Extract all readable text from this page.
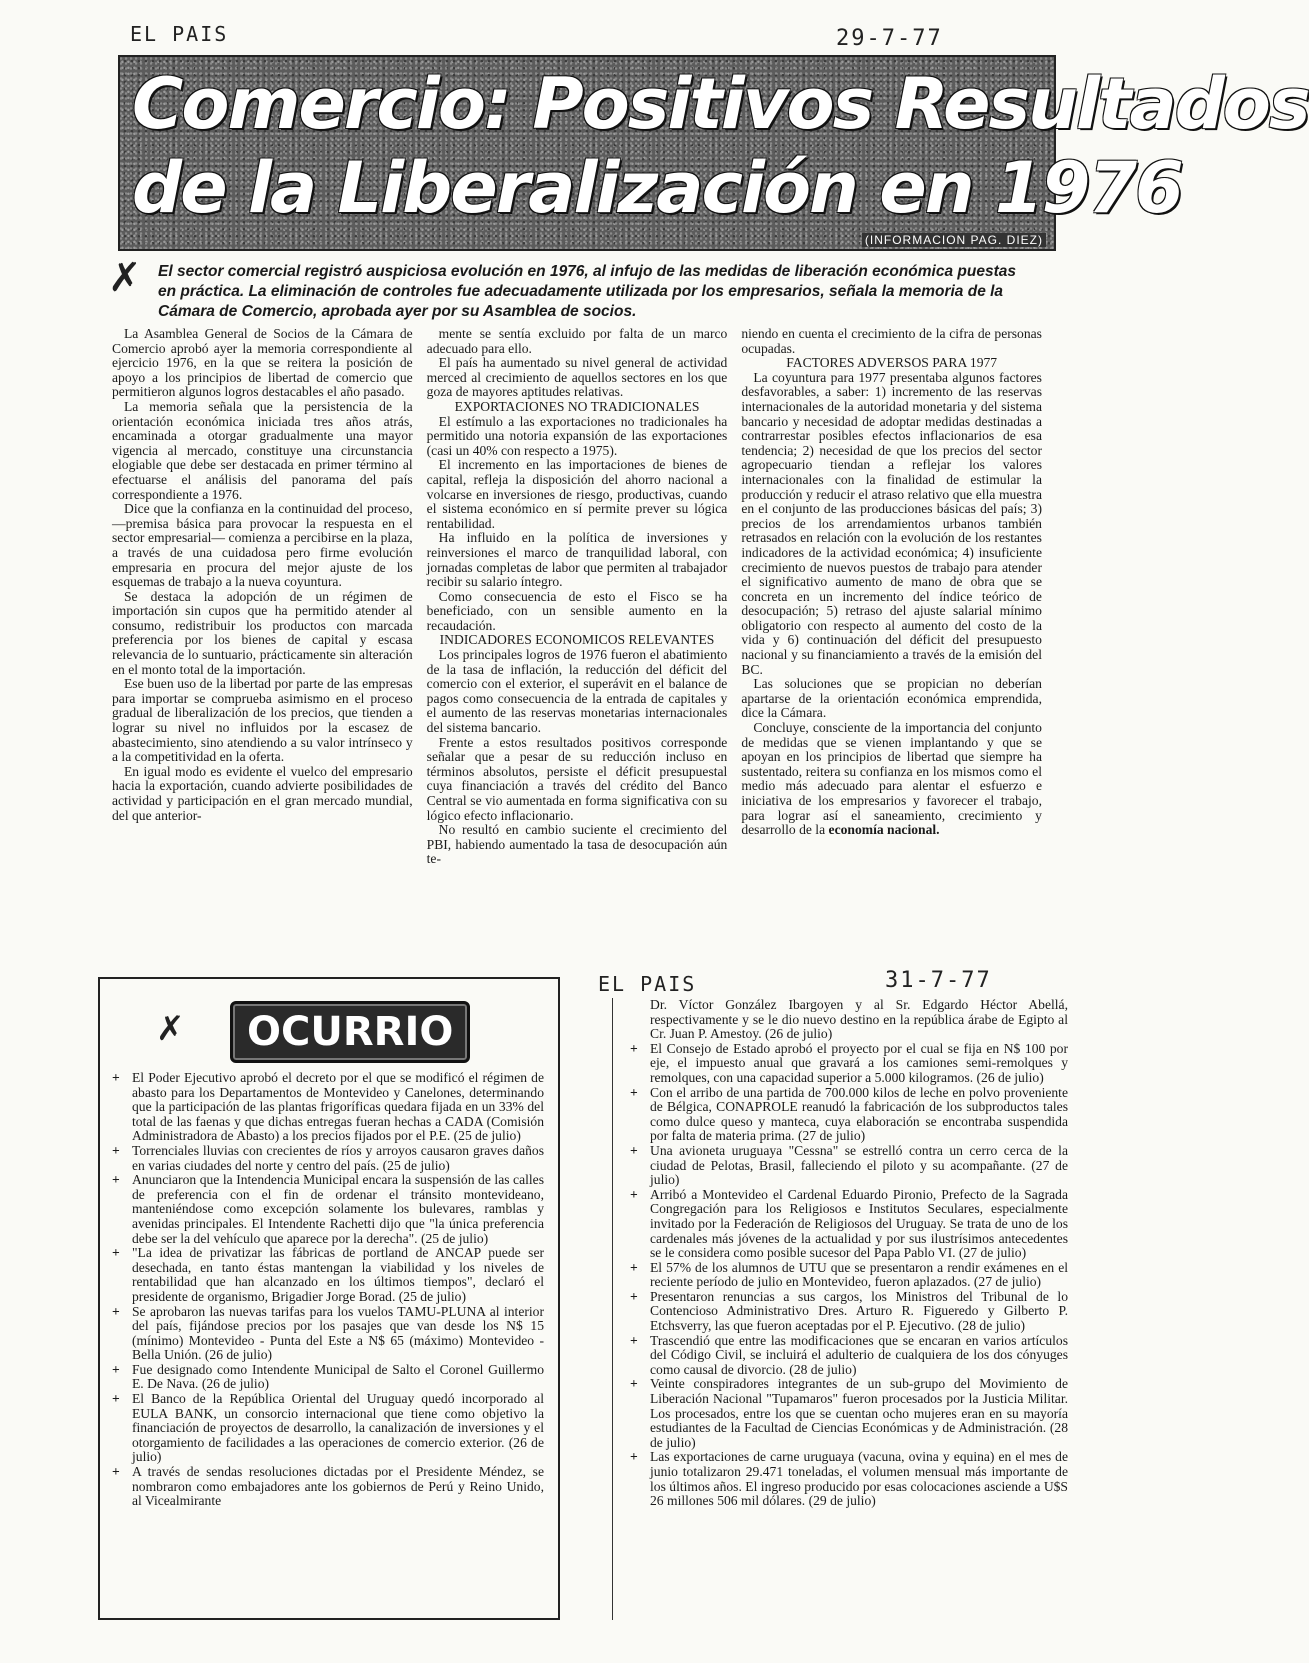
EL PAIS	29-7-77
Comercio: Positivos Resultados
de la Liberalización en 1976
(INFORMACION PAG. DIEZ)
✗ El sector comercial registró auspiciosa evolución en 1976, al infujo de las medidas de liberación económica puestas en práctica. La eliminación de controles fue adecuadamente utilizada por los empresarios, señala la memoria de la Cámara de Comercio, aprobada ayer por su Asamblea de socios.

La Asamblea General de Socios de la Cámara de Comercio aprobó ayer la memoria correspondiente al ejercicio 1976, en la que se reitera la posición de apoyo a los principios de libertad de comercio que permitieron algunos logros destacables el año pasado.

La memoria señala que la persistencia de la orientación económica iniciada tres años atrás, encaminada a otorgar gradualmente una mayor vigencia al mercado, constituye una circunstancia elogiable que debe ser destacada en primer término al efectuarse el análisis del panorama del país correspondiente a 1976.

Dice que la confianza en la continuidad del proceso, —premisa básica para provocar la respuesta en el sector empresarial— comienza a percibirse en la plaza, a través de una cuidadosa pero firme evolución empresaria en procura del mejor ajuste de los esquemas de trabajo a la nueva coyuntura.

Se destaca la adopción de un régimen de importación sin cupos que ha permitido atender al consumo, redistribuir los productos con marcada preferencia por los bienes de capital y escasa relevancia de lo suntuario, prácticamente sin alteración en el monto total de la importación.

Ese buen uso de la libertad por parte de las empresas para importar se comprueba asimismo en el proceso gradual de liberalización de los precios, que tienden a lograr su nivel no influidos por la escasez de abastecimiento, sino atendiendo a su valor intrínseco y a la competitividad en la oferta.

En igual modo es evidente el vuelco del empresario hacia la exportación, cuando advierte posibilidades de actividad y participación en el gran mercado mundial, del que anterior-

mente se sentía excluido por falta de un marco adecuado para ello.

El país ha aumentado su nivel general de actividad merced al crecimiento de aquellos sectores en los que goza de mayores aptitudes relativas.

EXPORTACIONES NO TRADICIONALES

El estímulo a las exportaciones no tradicionales ha permitido una notoria expansión de las exportaciones (casi un 40% con respecto a 1975).

El incremento en las importaciones de bienes de capital, refleja la disposición del ahorro nacional a volcarse en inversiones de riesgo, productivas, cuando el sistema económico en sí permite prever su lógica rentabilidad.

Ha influido en la política de inversiones y reinversiones el marco de tranquilidad laboral, con jornadas completas de labor que permiten al trabajador recibir su salario íntegro.

Como consecuencia de esto el Fisco se ha beneficiado, con un sensible aumento en la recaudación.

INDICADORES ECONOMICOS RELEVANTES

Los principales logros de 1976 fueron el abatimiento de la tasa de inflación, la reducción del déficit del comercio con el exterior, el superávit en el balance de pagos como consecuencia de la entrada de capitales y el aumento de las reservas monetarias internacionales del sistema bancario.

Frente a estos resultados positivos corresponde señalar que a pesar de su reducción incluso en términos absolutos, persiste el déficit presupuestal cuya financiación a través del crédito del Banco Central se vio aumentada en forma significativa con su lógico efecto inflacionario.

No resultó en cambio suciente el crecimiento del PBI, habiendo aumentado la tasa de desocupación aún te-

niendo en cuenta el crecimiento de la cifra de personas ocupadas.

FACTORES ADVERSOS PARA 1977

La coyuntura para 1977 presentaba algunos factores desfavorables, a saber: 1) incremento de las reservas internacionales de la autoridad monetaria y del sistema bancario y necesidad de adoptar medidas destinadas a contrarrestar posibles efectos inflacionarios de esa tendencia; 2) necesidad de que los precios del sector agropecuario tiendan a reflejar los valores internacionales con la finalidad de estimular la producción y reducir el atraso relativo que ella muestra en el conjunto de las producciones básicas del país; 3) precios de los arrendamientos urbanos también retrasados en relación con la evolución de los restantes indicadores de la actividad económica; 4) insuficiente crecimiento de nuevos puestos de trabajo para atender el significativo aumento de mano de obra que se concreta en un incremento del índice teórico de desocupación; 5) retraso del ajuste salarial mínimo obligatorio con respecto al aumento del costo de la vida y 6) continuación del déficit del presupuesto nacional y su financiamiento a través de la emisión del BC.

Las soluciones que se propician no deberían apartarse de la orientación económica emprendida, dice la Cámara.

Concluye, consciente de la importancia del conjunto de medidas que se vienen implantando y que se apoyan en los principios de libertad que siempre ha sustentado, reitera su confianza en los mismos como el medio más adecuado para alentar el esfuerzo e iniciativa de los empresarios y favorecer el trabajo, para lograr así el saneamiento, crecimiento y desarrollo de la economía nacional.

EL PAIS	31-7-77
✗	OCURRIO
+ El Poder Ejecutivo aprobó el decreto por el que se modificó el régimen de abasto para los Departamentos de Montevideo y Canelones, determinando que la participación de las plantas frigoríficas quedara fijada en un 33% del total de las faenas y que dichas entregas fueran hechas a CADA (Comisión Administradora de Abasto) a los precios fijados por el P.E. (25 de julio)
+ Torrenciales lluvias con crecientes de ríos y arroyos causaron graves daños en varias ciudades del norte y centro del país. (25 de julio)
+ Anunciaron que la Intendencia Municipal encara la suspensión de las calles de preferencia con el fin de ordenar el tránsito montevideano, manteniéndose como excepción solamente los bulevares, ramblas y avenidas principales. El Intendente Rachetti dijo que "la única preferencia debe ser la del vehículo que aparece por la derecha". (25 de julio)
+ "La idea de privatizar las fábricas de portland de ANCAP puede ser desechada, en tanto éstas mantengan la viabilidad y los niveles de rentabilidad que han alcanzado en los últimos tiempos", declaró el presidente de organismo, Brigadier Jorge Borad. (25 de julio)
+ Se aprobaron las nuevas tarifas para los vuelos TAMU-PLUNA al interior del país, fijándose precios por los pasajes que van desde los N$ 15 (mínimo) Montevideo - Punta del Este a N$ 65 (máximo) Montevideo - Bella Unión. (26 de julio)
+ Fue designado como Intendente Municipal de Salto el Coronel Guillermo E. De Nava. (26 de julio)
+ El Banco de la República Oriental del Uruguay quedó incorporado al EULA BANK, un consorcio internacional que tiene como objetivo la financiación de proyectos de desarrollo, la canalización de inversiones y el otorgamiento de facilidades a las operaciones de comercio exterior. (26 de julio)
+ A través de sendas resoluciones dictadas por el Presidente Méndez, se nombraron como embajadores ante los gobiernos de Perú y Reino Unido, al Vicealmirante
Dr. Víctor González Ibargoyen y al Sr. Edgardo Héctor Abellá, respectivamente y se le dio nuevo destino en la república árabe de Egipto al Cr. Juan P. Amestoy. (26 de julio)
+ El Consejo de Estado aprobó el proyecto por el cual se fija en N$ 100 por eje, el impuesto anual que gravará a los camiones semi-remolques y remolques, con una capacidad superior a 5.000 kilogramos. (26 de julio)
+ Con el arribo de una partida de 700.000 kilos de leche en polvo proveniente de Bélgica, CONAPROLE reanudó la fabricación de los subproductos tales como dulce queso y manteca, cuya elaboración se encontraba suspendida por falta de materia prima. (27 de julio)
+ Una avioneta uruguaya "Cessna" se estrelló contra un cerro cerca de la ciudad de Pelotas, Brasil, falleciendo el piloto y su acompañante. (27 de julio)
+ Arribó a Montevideo el Cardenal Eduardo Pironio, Prefecto de la Sagrada Congregación para los Religiosos e Institutos Seculares, especialmente invitado por la Federación de Religiosos del Uruguay. Se trata de uno de los cardenales más jóvenes de la actualidad y por sus ilustrísimos antecedentes se le considera como posible sucesor del Papa Pablo VI. (27 de julio)
+ El 57% de los alumnos de UTU que se presentaron a rendir exámenes en el reciente período de julio en Montevideo, fueron aplazados. (27 de julio)
+ Presentaron renuncias a sus cargos, los Ministros del Tribunal de lo Contencioso Administrativo Dres. Arturo R. Figueredo y Gilberto P. Etchsverry, las que fueron aceptadas por el P. Ejecutivo. (28 de julio)
+ Trascendió que entre las modificaciones que se encaran en varios artículos del Código Civil, se incluirá el adulterio de cualquiera de los dos cónyuges como causal de divorcio. (28 de julio)
+ Veinte conspiradores integrantes de un sub-grupo del Movimiento de Liberación Nacional "Tupamaros" fueron procesados por la Justicia Militar. Los procesados, entre los que se cuentan ocho mujeres eran en su mayoría estudiantes de la Facultad de Ciencias Económicas y de Administración. (28 de julio)
+ Las exportaciones de carne uruguaya (vacuna, ovina y equina) en el mes de junio totalizaron 29.471 toneladas, el volumen mensual más importante de los últimos años. El ingreso producido por esas colocaciones asciende a U$S 26 millones 506 mil dólares. (29 de julio)
